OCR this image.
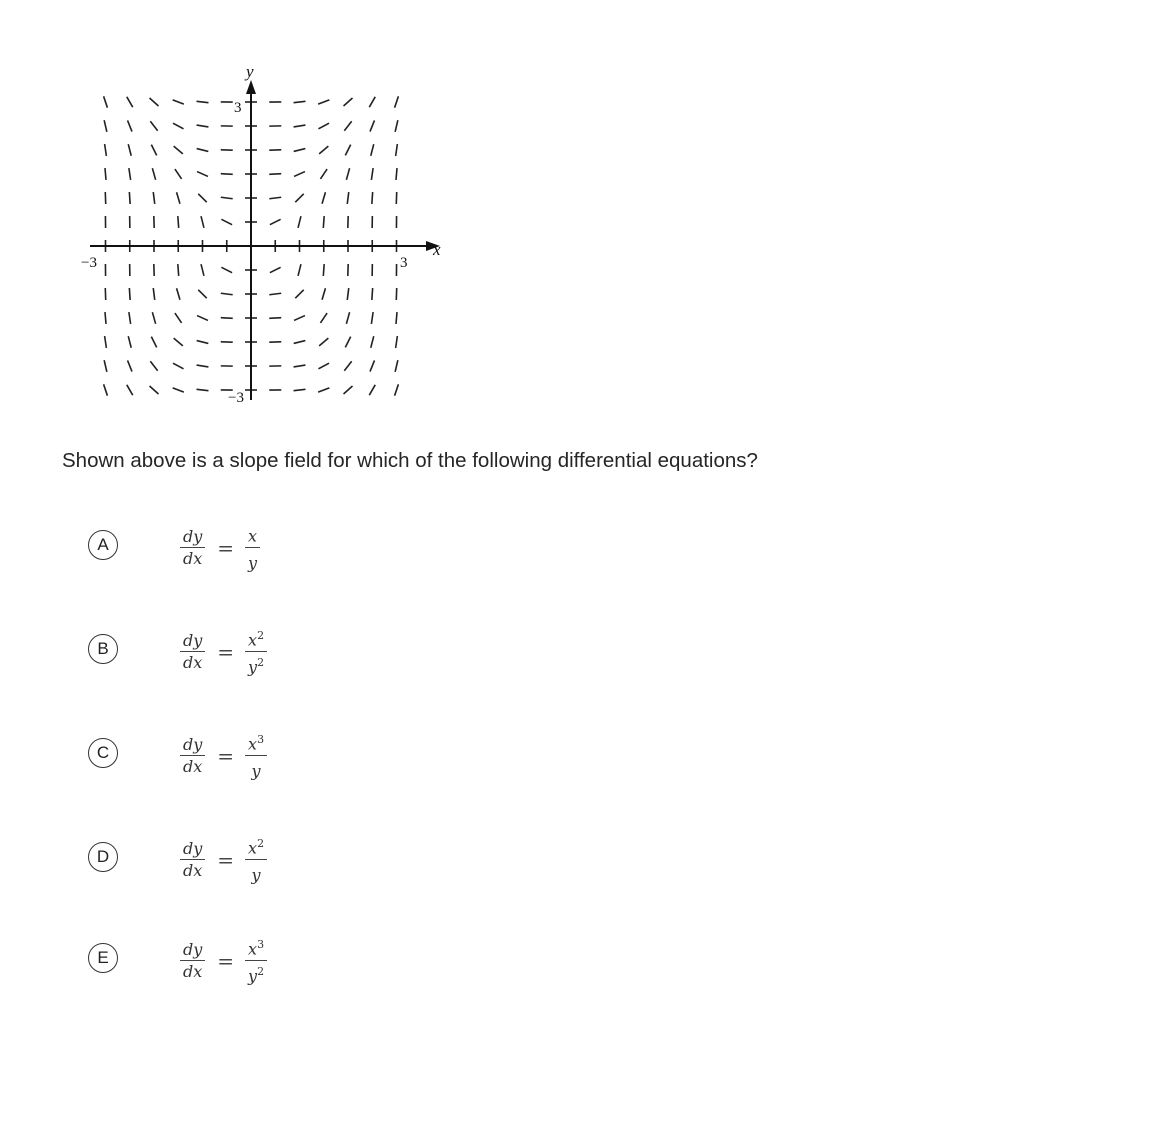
x
y
−3	3
3
−3
Shown above is a slope field for which of the following differential equations?
A	$\frac{dy}{dx} = \frac{x}{y}$
B	$\frac{dy}{dx} = \frac{x^2}{y^2}$
C	$\frac{dy}{dx} = \frac{x^3}{y}$
D	$\frac{dy}{dx} = \frac{x^2}{y}$
E	$\frac{dy}{dx} = \frac{x^3}{y^2}$
